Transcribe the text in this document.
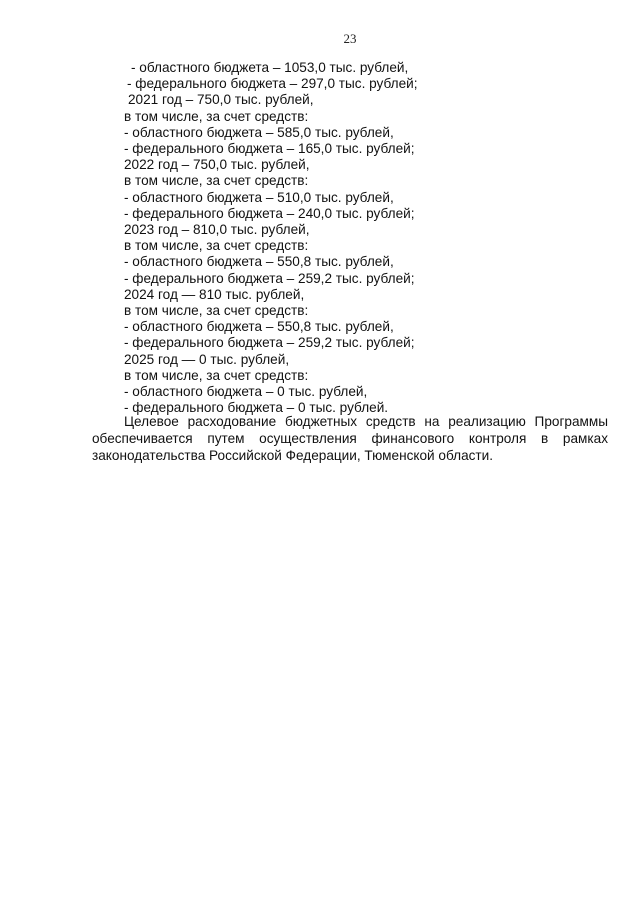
23
- областного бюджета – 1053,0 тыс. рублей,
- федерального бюджета – 297,0 тыс. рублей;
2021 год – 750,0 тыс. рублей,
в том числе, за счет средств:
- областного бюджета – 585,0 тыс. рублей,
- федерального бюджета – 165,0 тыс. рублей;
2022 год – 750,0 тыс. рублей,
в том числе, за счет средств:
- областного бюджета – 510,0 тыс. рублей,
- федерального бюджета – 240,0 тыс. рублей;
2023 год – 810,0 тыс. рублей,
в том числе, за счет средств:
- областного бюджета – 550,8 тыс. рублей,
- федерального бюджета – 259,2 тыс. рублей;
2024 год — 810 тыс. рублей,
в том числе, за счет средств:
- областного бюджета – 550,8 тыс. рублей,
- федерального бюджета – 259,2 тыс. рублей;
2025 год — 0 тыс. рублей,
в том числе, за счет средств:
- областного бюджета – 0 тыс. рублей,
- федерального бюджета – 0 тыс. рублей.

Целевое расходование бюджетных средств на реализацию Программы обеспечивается путем осуществления финансового контроля в рамках законодательства Российской Федерации, Тюменской области.
